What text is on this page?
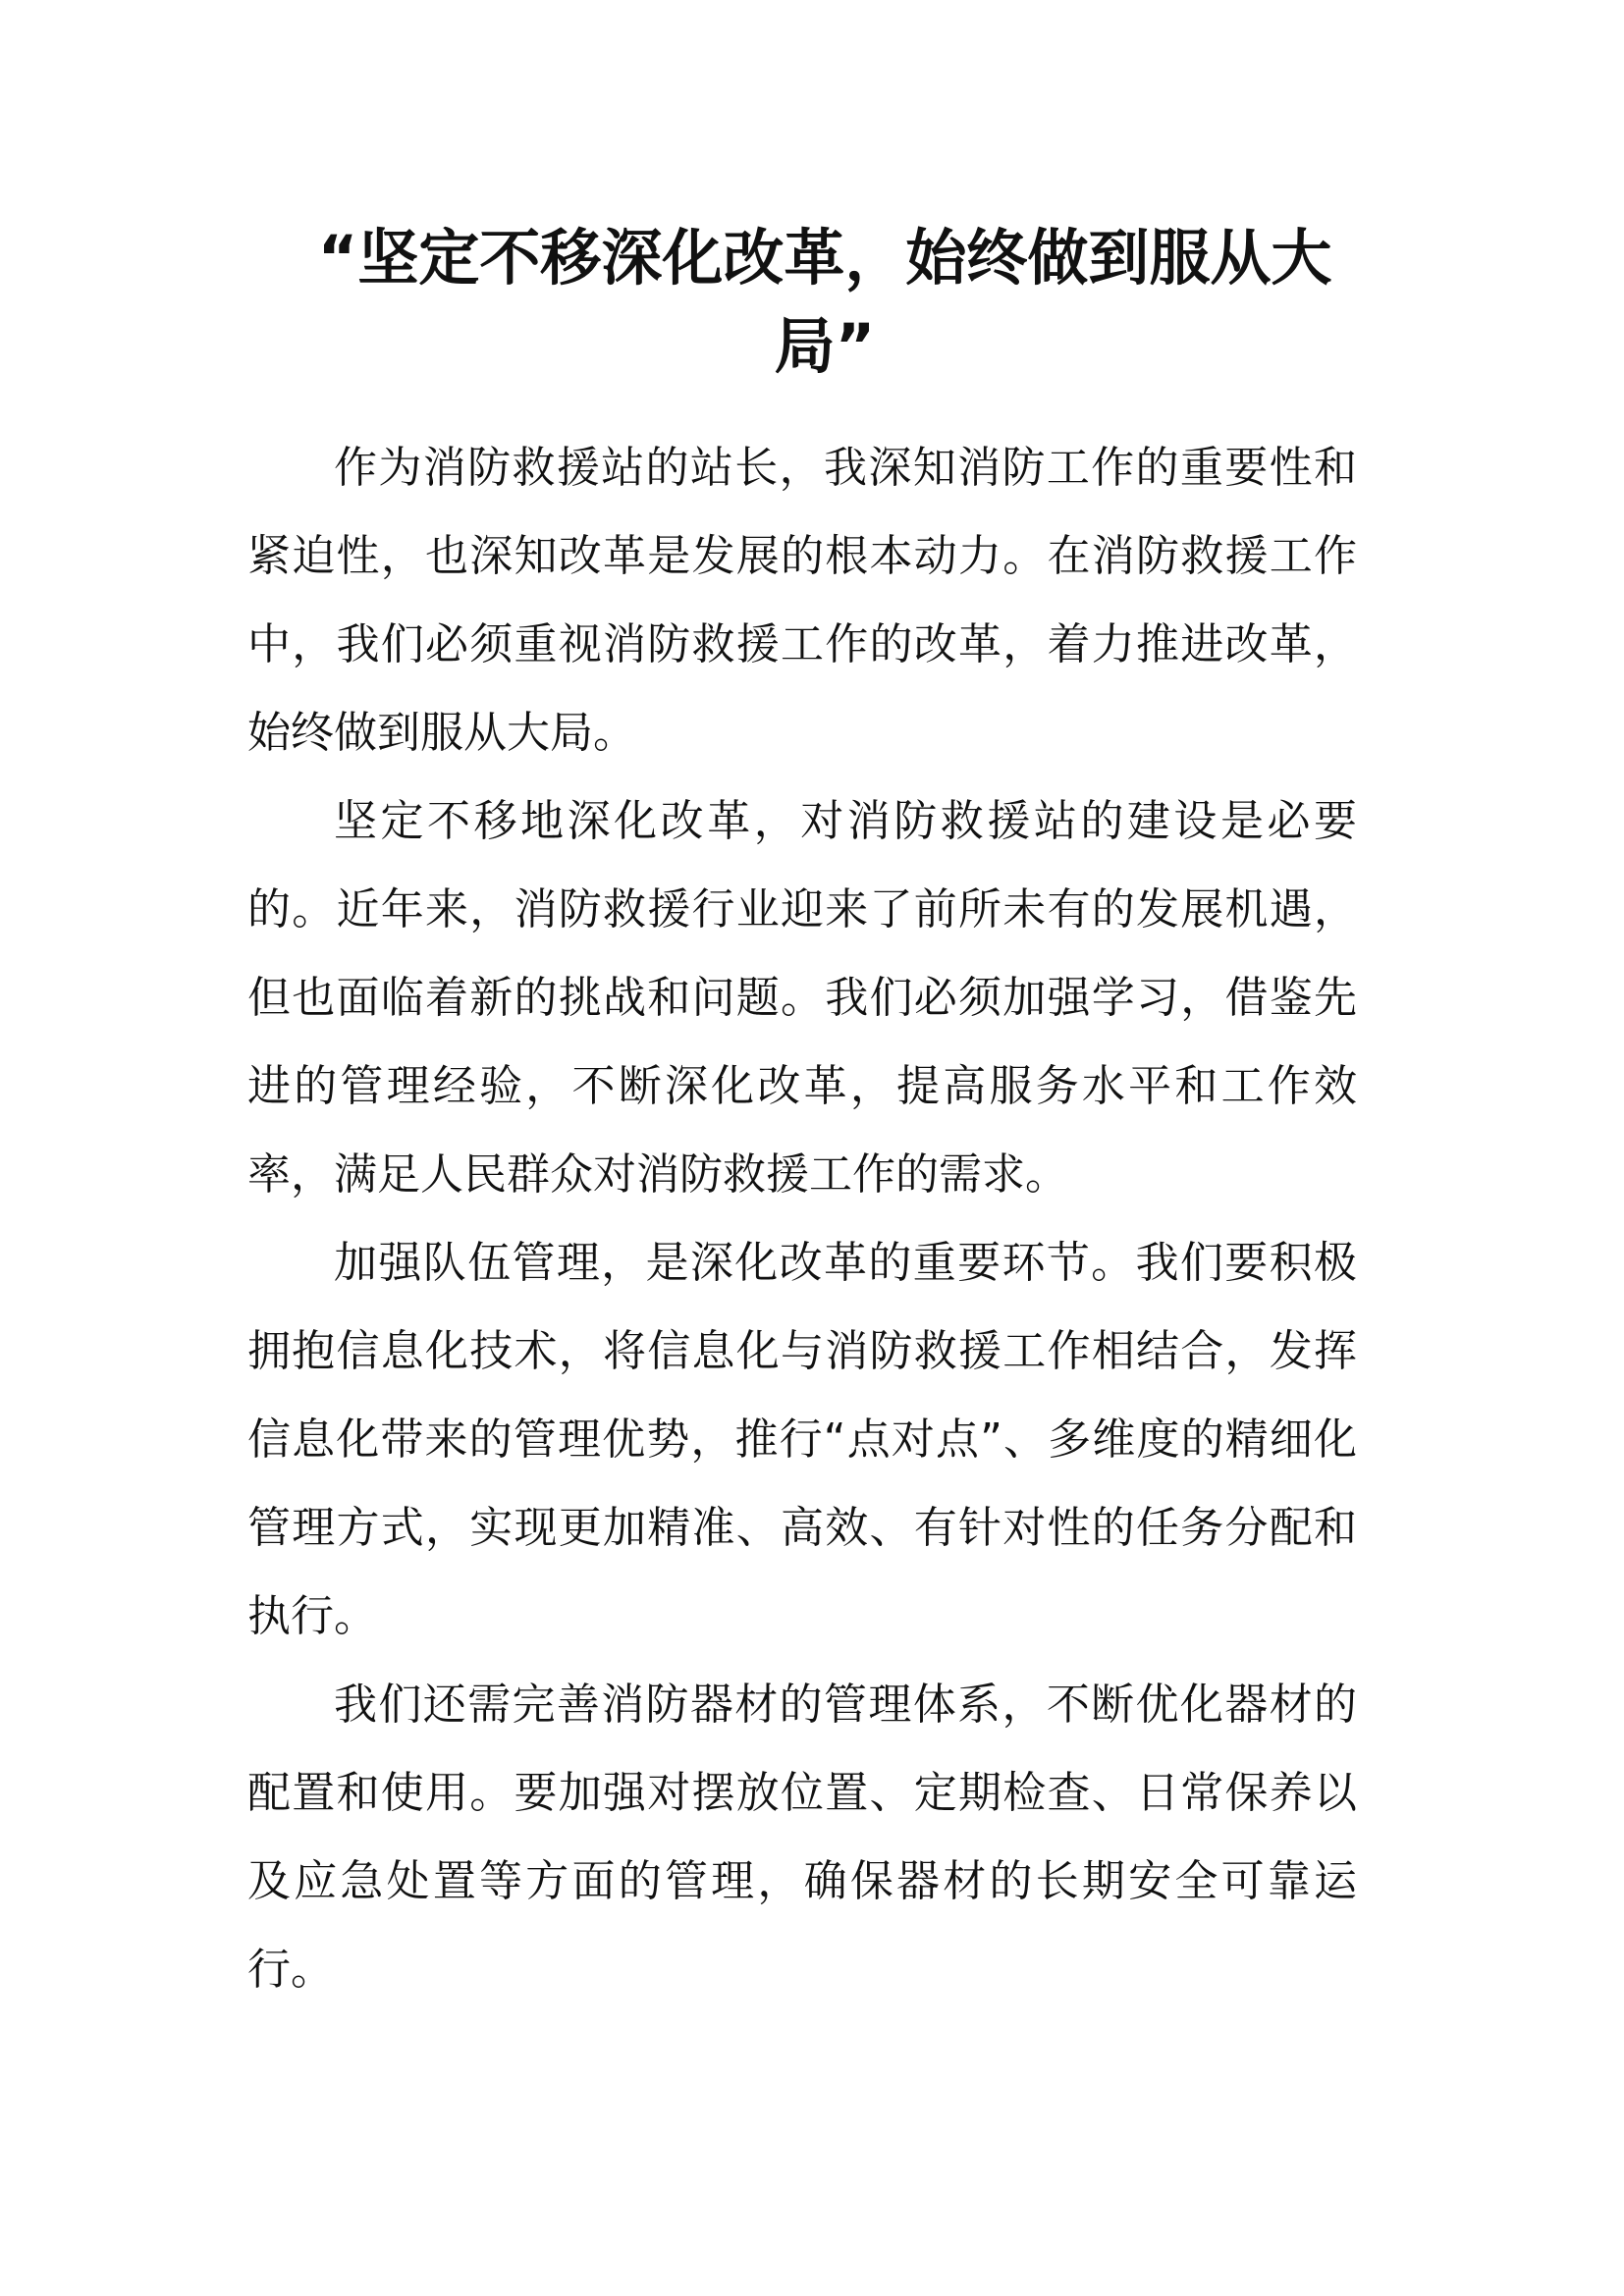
“坚定不移深化改革，始终做到服从大局”

作为消防救援站的站长，我深知消防工作的重要性和紧迫性，也深知改革是发展的根本动力。在消防救援工作中，我们必须重视消防救援工作的改革，着力推进改革，始终做到服从大局。

坚定不移地深化改革，对消防救援站的建设是必要的。近年来，消防救援行业迎来了前所未有的发展机遇，但也面临着新的挑战和问题。我们必须加强学习，借鉴先进的管理经验，不断深化改革，提高服务水平和工作效率，满足人民群众对消防救援工作的需求。

加强队伍管理，是深化改革的重要环节。我们要积极拥抱信息化技术，将信息化与消防救援工作相结合，发挥信息化带来的管理优势，推行“点对点”、多维度的精细化管理方式，实现更加精准、高效、有针对性的任务分配和执行。

我们还需完善消防器材的管理体系，不断优化器材的配置和使用。要加强对摆放位置、定期检查、日常保养以及应急处置等方面的管理，确保器材的长期安全可靠运行。
